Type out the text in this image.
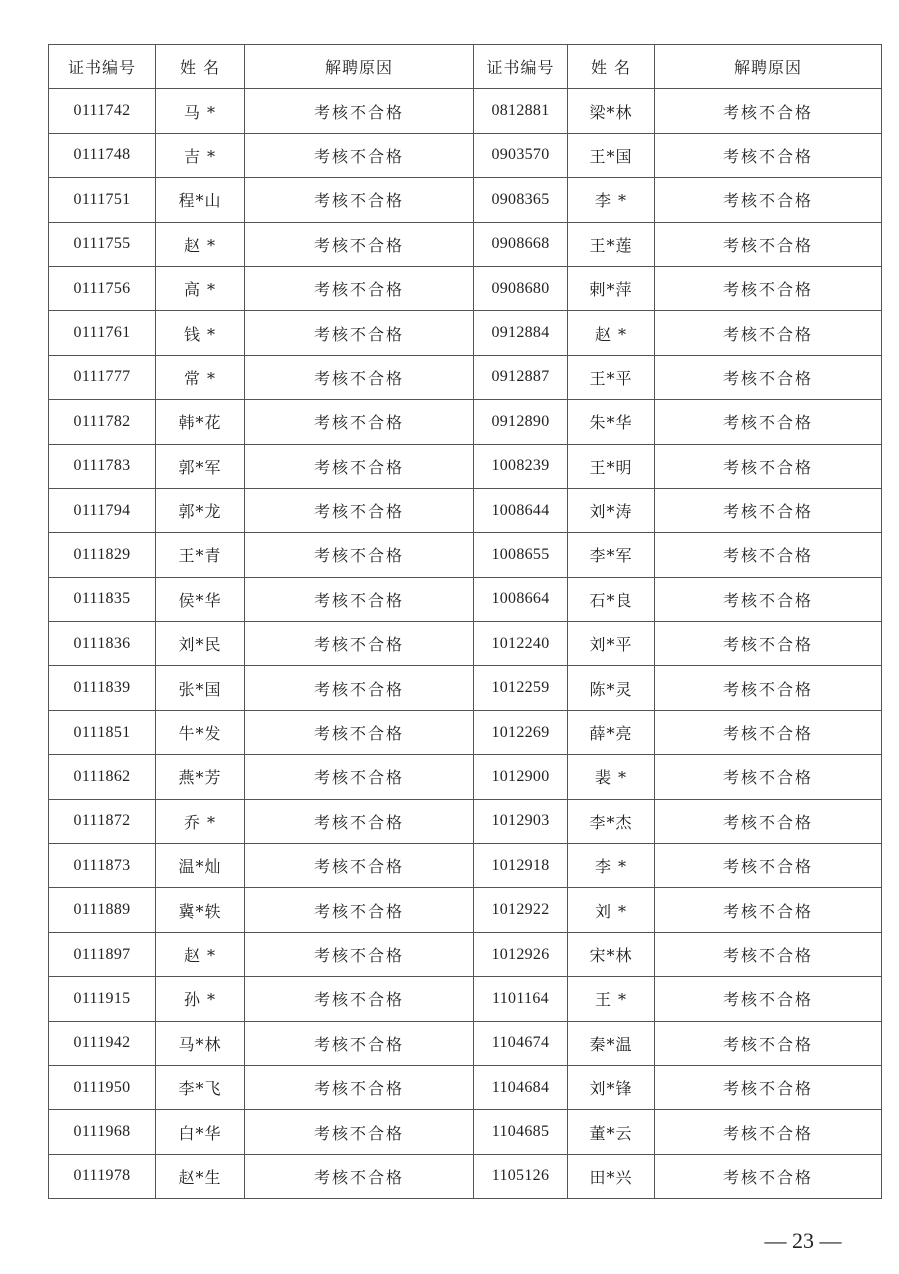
证书编号	姓 名	解聘原因	证书编号	姓 名	解聘原因
0111742	马 *	考核不合格	0812881	梁*林	考核不合格
0111748	吉 *	考核不合格	0903570	王*国	考核不合格
0111751	程*山	考核不合格	0908365	李 *	考核不合格
0111755	赵 *	考核不合格	0908668	王*莲	考核不合格
0111756	高 *	考核不合格	0908680	剌*萍	考核不合格
0111761	钱 *	考核不合格	0912884	赵 *	考核不合格
0111777	常 *	考核不合格	0912887	王*平	考核不合格
0111782	韩*花	考核不合格	0912890	朱*华	考核不合格
0111783	郭*军	考核不合格	1008239	王*明	考核不合格
0111794	郭*龙	考核不合格	1008644	刘*涛	考核不合格
0111829	王*青	考核不合格	1008655	李*军	考核不合格
0111835	侯*华	考核不合格	1008664	石*良	考核不合格
0111836	刘*民	考核不合格	1012240	刘*平	考核不合格
0111839	张*国	考核不合格	1012259	陈*灵	考核不合格
0111851	牛*发	考核不合格	1012269	薛*亮	考核不合格
0111862	燕*芳	考核不合格	1012900	裴 *	考核不合格
0111872	乔 *	考核不合格	1012903	李*杰	考核不合格
0111873	温*灿	考核不合格	1012918	李 *	考核不合格
0111889	冀*轶	考核不合格	1012922	刘 *	考核不合格
0111897	赵 *	考核不合格	1012926	宋*林	考核不合格
0111915	孙 *	考核不合格	1101164	王 *	考核不合格
0111942	马*林	考核不合格	1104674	秦*温	考核不合格
0111950	李*飞	考核不合格	1104684	刘*锋	考核不合格
0111968	白*华	考核不合格	1104685	董*云	考核不合格
0111978	赵*生	考核不合格	1105126	田*兴	考核不合格
— 23 —
